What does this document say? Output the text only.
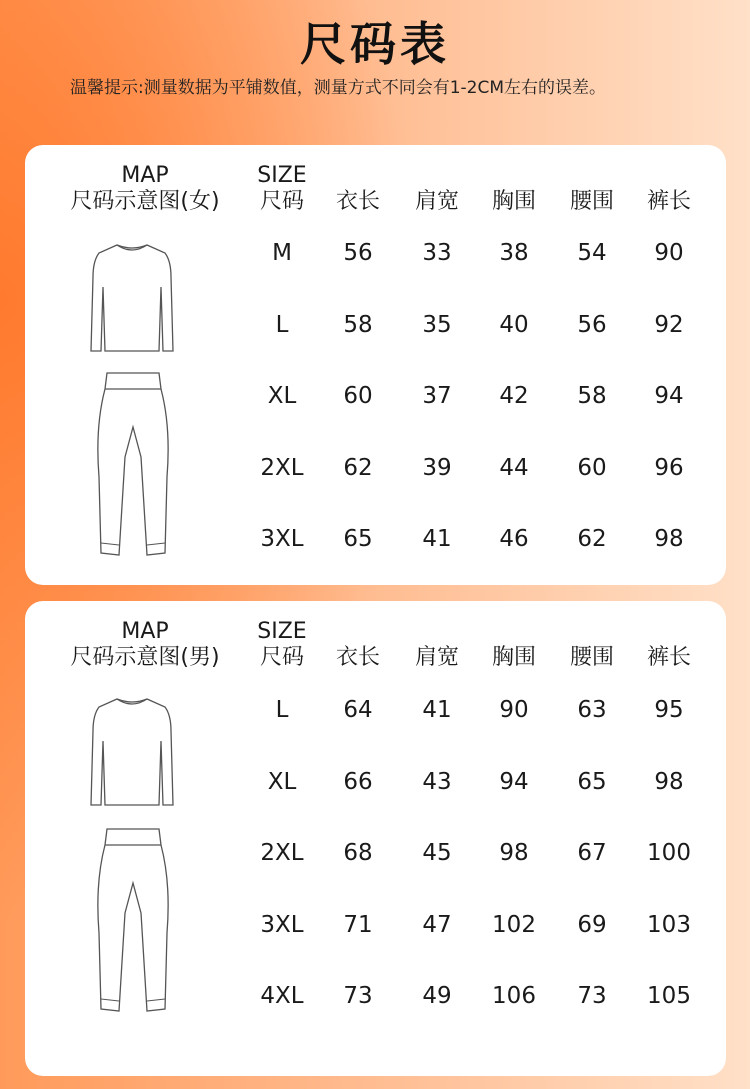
尺码表
温馨提示:测量数据为平铺数值，测量方式不同会有1-2CM左右的误差。
MAP
尺码示意图(女)
SIZE
尺码	衣长	肩宽	胸围	腰围	裤长
M	56	33	38	54	90
L	58	35	40	56	92
XL	60	37	42	58	94
2XL	62	39	44	60	96
3XL	65	41	46	62	98
MAP
尺码示意图(男)
SIZE
尺码	衣长	肩宽	胸围	腰围	裤长
L	64	41	90	63	95
XL	66	43	94	65	98
2XL	68	45	98	67	100
3XL	71	47	102	69	103
4XL	73	49	106	73	105
